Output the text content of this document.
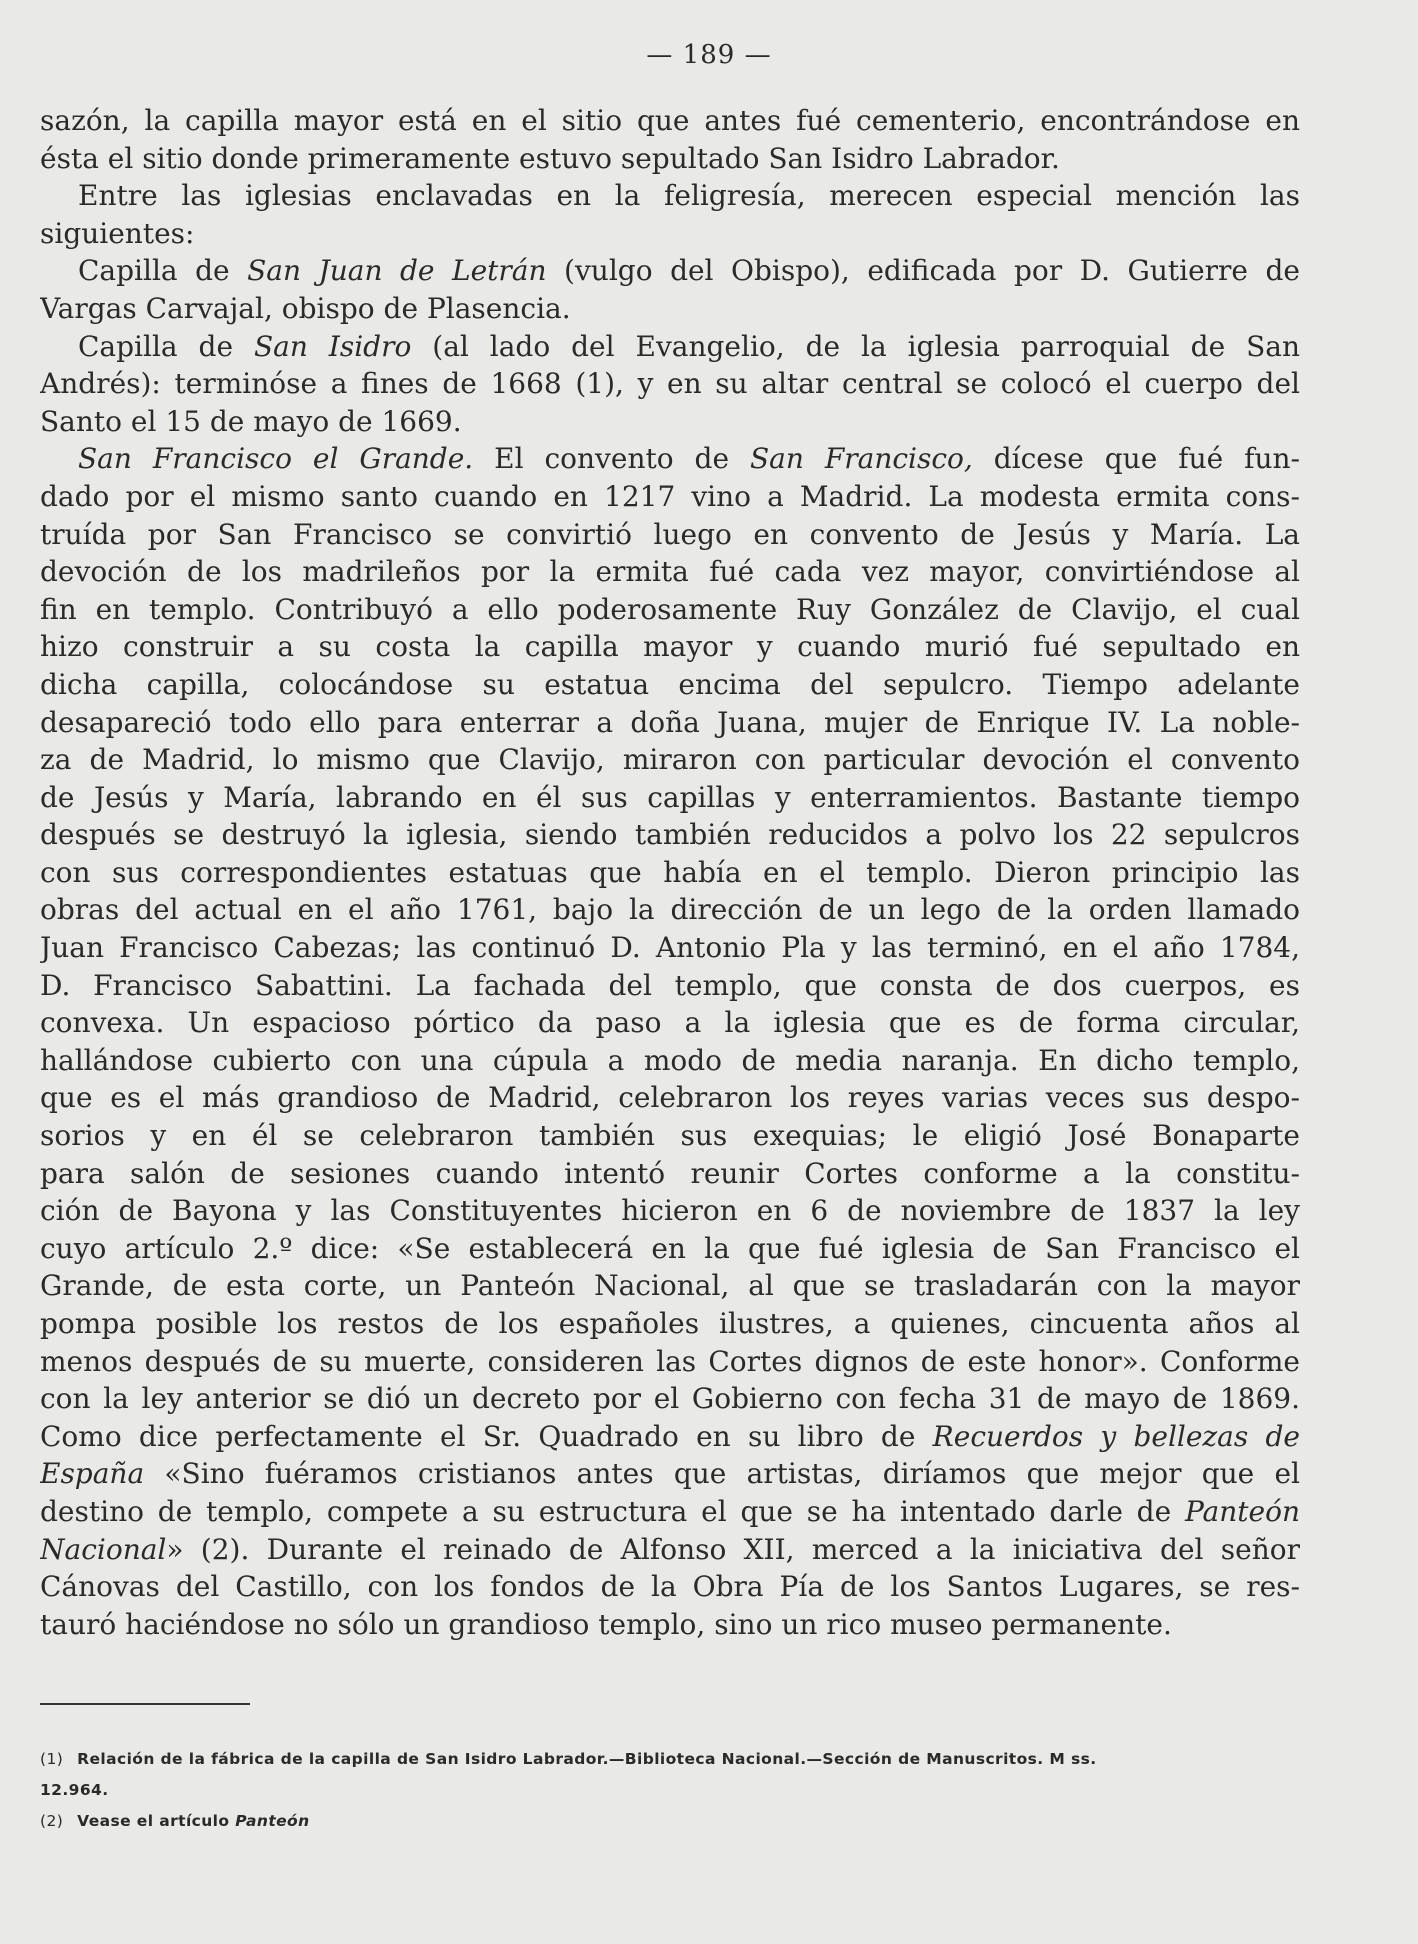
— 189 —
sazón, la capilla mayor está en el sitio que antes fué cementerio, encontrándose en
ésta el sitio donde primeramente estuvo sepultado San Isidro Labrador.
Entre las iglesias enclavadas en la feligresía, merecen especial mención las
siguientes:
Capilla de San Juan de Letrán (vulgo del Obispo), edificada por D. Gutierre de
Vargas Carvajal, obispo de Plasencia.
Capilla de San Isidro (al lado del Evangelio, de la iglesia parroquial de San
Andrés): terminóse a fines de 1668 (1), y en su altar central se colocó el cuerpo del
Santo el 15 de mayo de 1669.
San Francisco el Grande. El convento de San Francisco, dícese que fué fun-
dado por el mismo santo cuando en 1217 vino a Madrid. La modesta ermita cons-
truída por San Francisco se convirtió luego en convento de Jesús y María. La
devoción de los madrileños por la ermita fué cada vez mayor, convirtiéndose al
fin en templo. Contribuyó a ello poderosamente Ruy González de Clavijo, el cual
hizo construir a su costa la capilla mayor y cuando murió fué sepultado en
dicha capilla, colocándose su estatua encima del sepulcro. Tiempo adelante
desapareció todo ello para enterrar a doña Juana, mujer de Enrique IV. La noble-
za de Madrid, lo mismo que Clavijo, miraron con particular devoción el convento
de Jesús y María, labrando en él sus capillas y enterramientos. Bastante tiempo
después se destruyó la iglesia, siendo también reducidos a polvo los 22 sepulcros
con sus correspondientes estatuas que había en el templo. Dieron principio las
obras del actual en el año 1761, bajo la dirección de un lego de la orden llamado
Juan Francisco Cabezas; las continuó D. Antonio Pla y las terminó, en el año 1784,
D. Francisco Sabattini. La fachada del templo, que consta de dos cuerpos, es
convexa. Un espacioso pórtico da paso a la iglesia que es de forma circular,
hallándose cubierto con una cúpula a modo de media naranja. En dicho templo,
que es el más grandioso de Madrid, celebraron los reyes varias veces sus despo-
sorios y en él se celebraron también sus exequias; le eligió José Bonaparte
para salón de sesiones cuando intentó reunir Cortes conforme a la constitu-
ción de Bayona y las Constituyentes hicieron en 6 de noviembre de 1837 la ley
cuyo artículo 2.º dice: «Se establecerá en la que fué iglesia de San Francisco el
Grande, de esta corte, un Panteón Nacional, al que se trasladarán con la mayor
pompa posible los restos de los españoles ilustres, a quienes, cincuenta años al
menos después de su muerte, consideren las Cortes dignos de este honor». Conforme
con la ley anterior se dió un decreto por el Gobierno con fecha 31 de mayo de 1869.
Como dice perfectamente el Sr. Quadrado en su libro de Recuerdos y bellezas de
España «Sino fuéramos cristianos antes que artistas, diríamos que mejor que el
destino de templo, compete a su estructura el que se ha intentado darle de Panteón
Nacional» (2). Durante el reinado de Alfonso XII, merced a la iniciativa del señor
Cánovas del Castillo, con los fondos de la Obra Pía de los Santos Lugares, se res-
tauró haciéndose no sólo un grandioso templo, sino un rico museo permanente.
(1) Relación de la fábrica de la capilla de San Isidro Labrador.—Biblioteca Nacional.—Sección de Manuscritos. M ss.
12.964.
(2) Vease el artículo Panteón
